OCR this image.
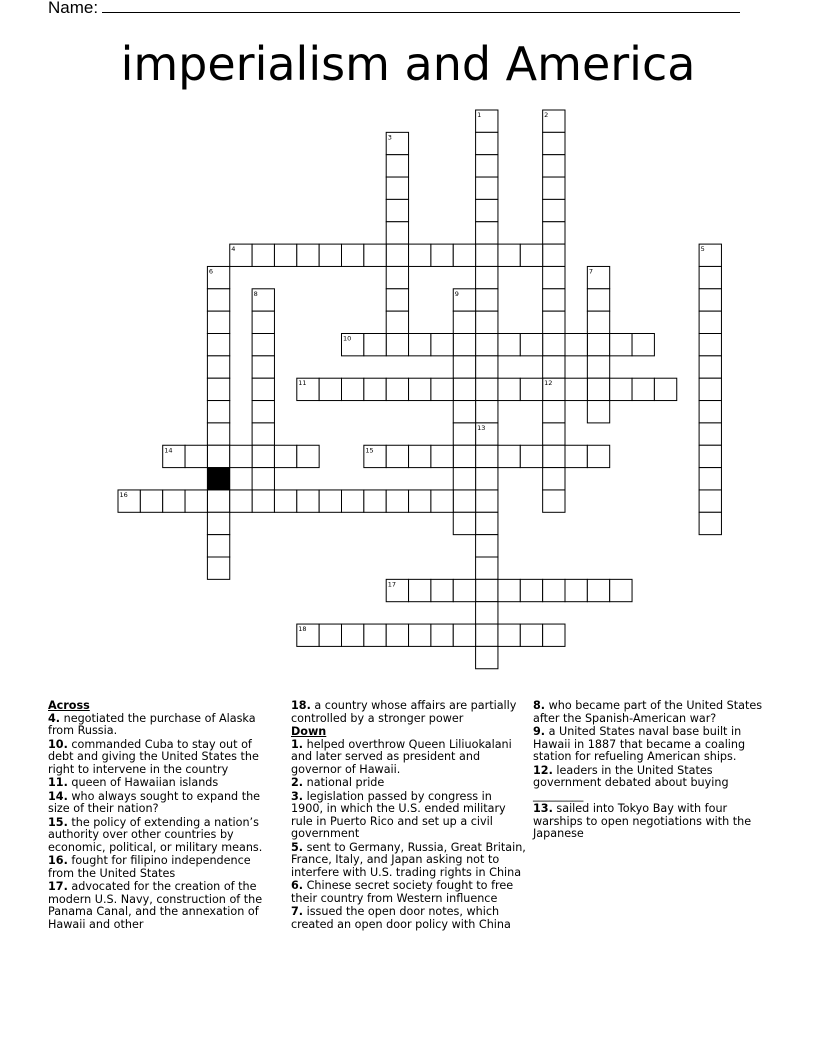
Name:
imperialism and America
1	2
3
4	5
6	7
8	9
10
11	12
13
14	15
16
17
18
Across
4. negotiated the purchase of Alaska from Russia.
10. commanded Cuba to stay out of debt and giving the United States the right to intervene in the country
11. queen of Hawaiian islands
14. who always sought to expand the size of their nation?
15. the policy of extending a nation’s authority over other countries by economic, political, or military means.
16. fought for filipino independence from the United States
17. advocated for the creation of the modern U.S. Navy, construction of the Panama Canal, and the annexation of Hawaii and other
18. a country whose affairs are partially controlled by a stronger power
Down
1. helped overthrow Queen Liliuokalani and later served as president and governor of Hawaii.
2. national pride
3. legislation passed by congress in 1900, in which the U.S. ended military rule in Puerto Rico and set up a civil government
5. sent to Germany, Russia, Great Britain, France, Italy, and Japan asking not to interfere with U.S. trading rights in China
6. Chinese secret society fought to free their country from Western influence
7. issued the open door notes, which created an open door policy with China
8. who became part of the United States after the Spanish-American war?
9. a United States naval base built in Hawaii in 1887 that became a coaling station for refueling American ships.
12. leaders in the United States government debated about buying _________
13. sailed into Tokyo Bay with four warships to open negotiations with the Japanese
